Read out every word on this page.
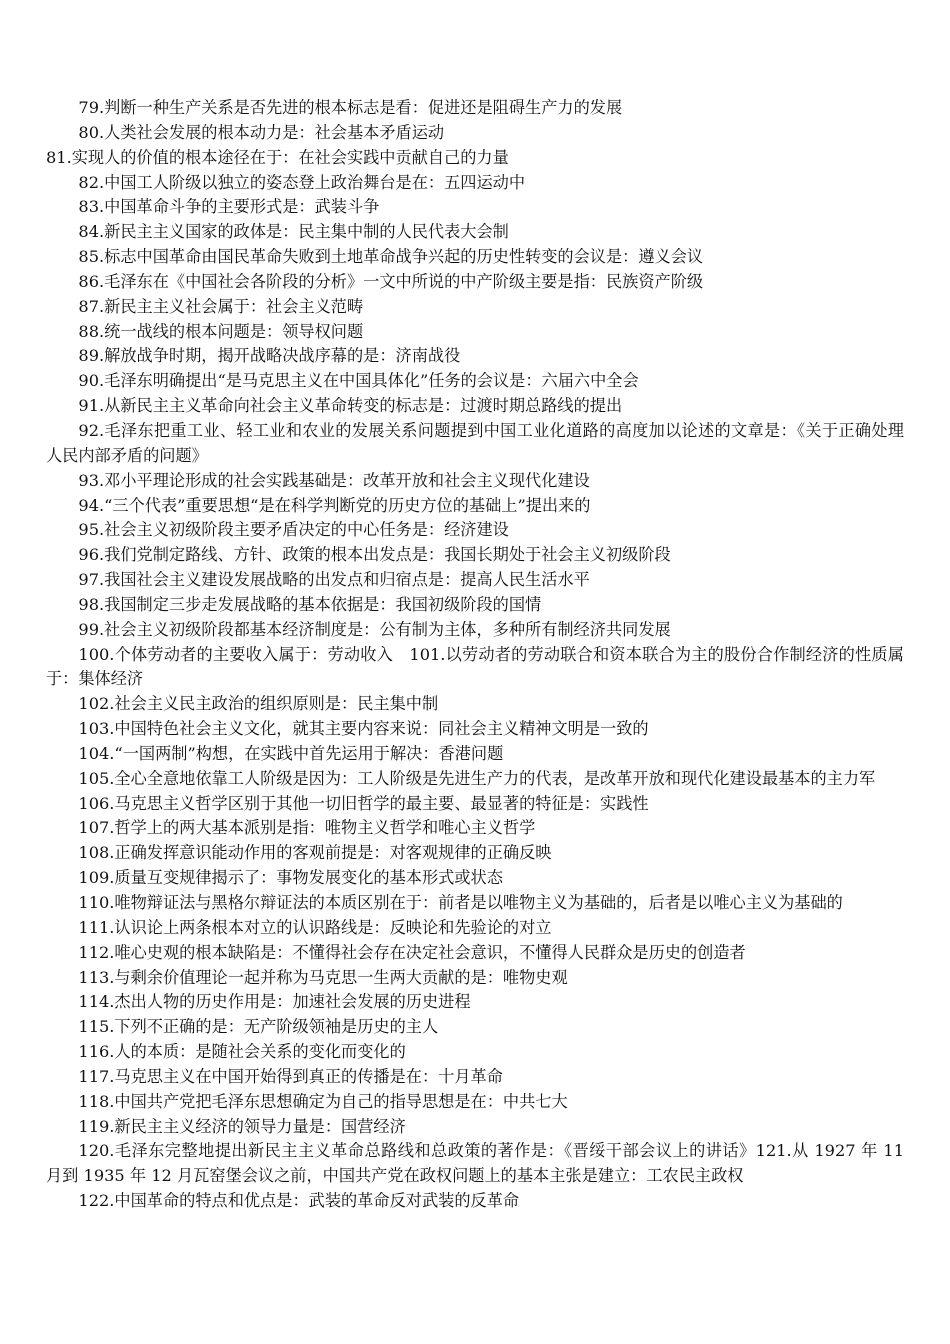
79.判断一种生产关系是否先进的根本标志是看：促进还是阻碍生产力的发展

80.人类社会发展的根本动力是：社会基本矛盾运动

81.实现人的价值的根本途径在于：在社会实践中贡献自己的力量

82.中国工人阶级以独立的姿态登上政治舞台是在：五四运动中

83.中国革命斗争的主要形式是：武装斗争

84.新民主主义国家的政体是：民主集中制的人民代表大会制

85.标志中国革命由国民革命失败到土地革命战争兴起的历史性转变的会议是：遵义会议

86.毛泽东在《中国社会各阶段的分析》一文中所说的中产阶级主要是指：民族资产阶级

87.新民主主义社会属于：社会主义范畴

88.统一战线的根本问题是：领导权问题

89.解放战争时期，揭开战略决战序幕的是：济南战役

90.毛泽东明确提出“是马克思主义在中国具体化”任务的会议是：六届六中全会

91.从新民主主义革命向社会主义革命转变的标志是：过渡时期总路线的提出

92.毛泽东把重工业、轻工业和农业的发展关系问题提到中国工业化道路的高度加以论述的文章是：《关于正确处理人民内部矛盾的问题》

93.邓小平理论形成的社会实践基础是：改革开放和社会主义现代化建设

94.“三个代表”重要思想“是在科学判断党的历史方位的基础上”提出来的

95.社会主义初级阶段主要矛盾决定的中心任务是：经济建设

96.我们党制定路线、方针、政策的根本出发点是：我国长期处于社会主义初级阶段

97.我国社会主义建设发展战略的出发点和归宿点是：提高人民生活水平

98.我国制定三步走发展战略的基本依据是：我国初级阶段的国情

99.社会主义初级阶段都基本经济制度是：公有制为主体，多种所有制经济共同发展

100.个体劳动者的主要收入属于：劳动收入　101.以劳动者的劳动联合和资本联合为主的股份合作制经济的性质属于：集体经济

102.社会主义民主政治的组织原则是：民主集中制

103.中国特色社会主义文化，就其主要内容来说：同社会主义精神文明是一致的

104.“一国两制”构想，在实践中首先运用于解决：香港问题

105.全心全意地依靠工人阶级是因为：工人阶级是先进生产力的代表，是改革开放和现代化建设最基本的主力军

106.马克思主义哲学区别于其他一切旧哲学的最主要、最显著的特征是：实践性

107.哲学上的两大基本派别是指：唯物主义哲学和唯心主义哲学

108.正确发挥意识能动作用的客观前提是：对客观规律的正确反映

109.质量互变规律揭示了：事物发展变化的基本形式或状态

110.唯物辩证法与黑格尔辩证法的本质区别在于：前者是以唯物主义为基础的，后者是以唯心主义为基础的

111.认识论上两条根本对立的认识路线是：反映论和先验论的对立

112.唯心史观的根本缺陷是：不懂得社会存在决定社会意识，不懂得人民群众是历史的创造者

113.与剩余价值理论一起并称为马克思一生两大贡献的是：唯物史观

114.杰出人物的历史作用是：加速社会发展的历史进程

115.下列不正确的是：无产阶级领袖是历史的主人

116.人的本质：是随社会关系的变化而变化的

117.马克思主义在中国开始得到真正的传播是在：十月革命

118.中国共产党把毛泽东思想确定为自己的指导思想是在：中共七大

119.新民主主义经济的领导力量是：国营经济

120.毛泽东完整地提出新民主主义革命总路线和总政策的著作是：《晋绥干部会议上的讲话》121.从 1927 年 11 月到 1935 年 12 月瓦窑堡会议之前，中国共产党在政权问题上的基本主张是建立：工农民主政权

122.中国革命的特点和优点是：武装的革命反对武装的反革命
